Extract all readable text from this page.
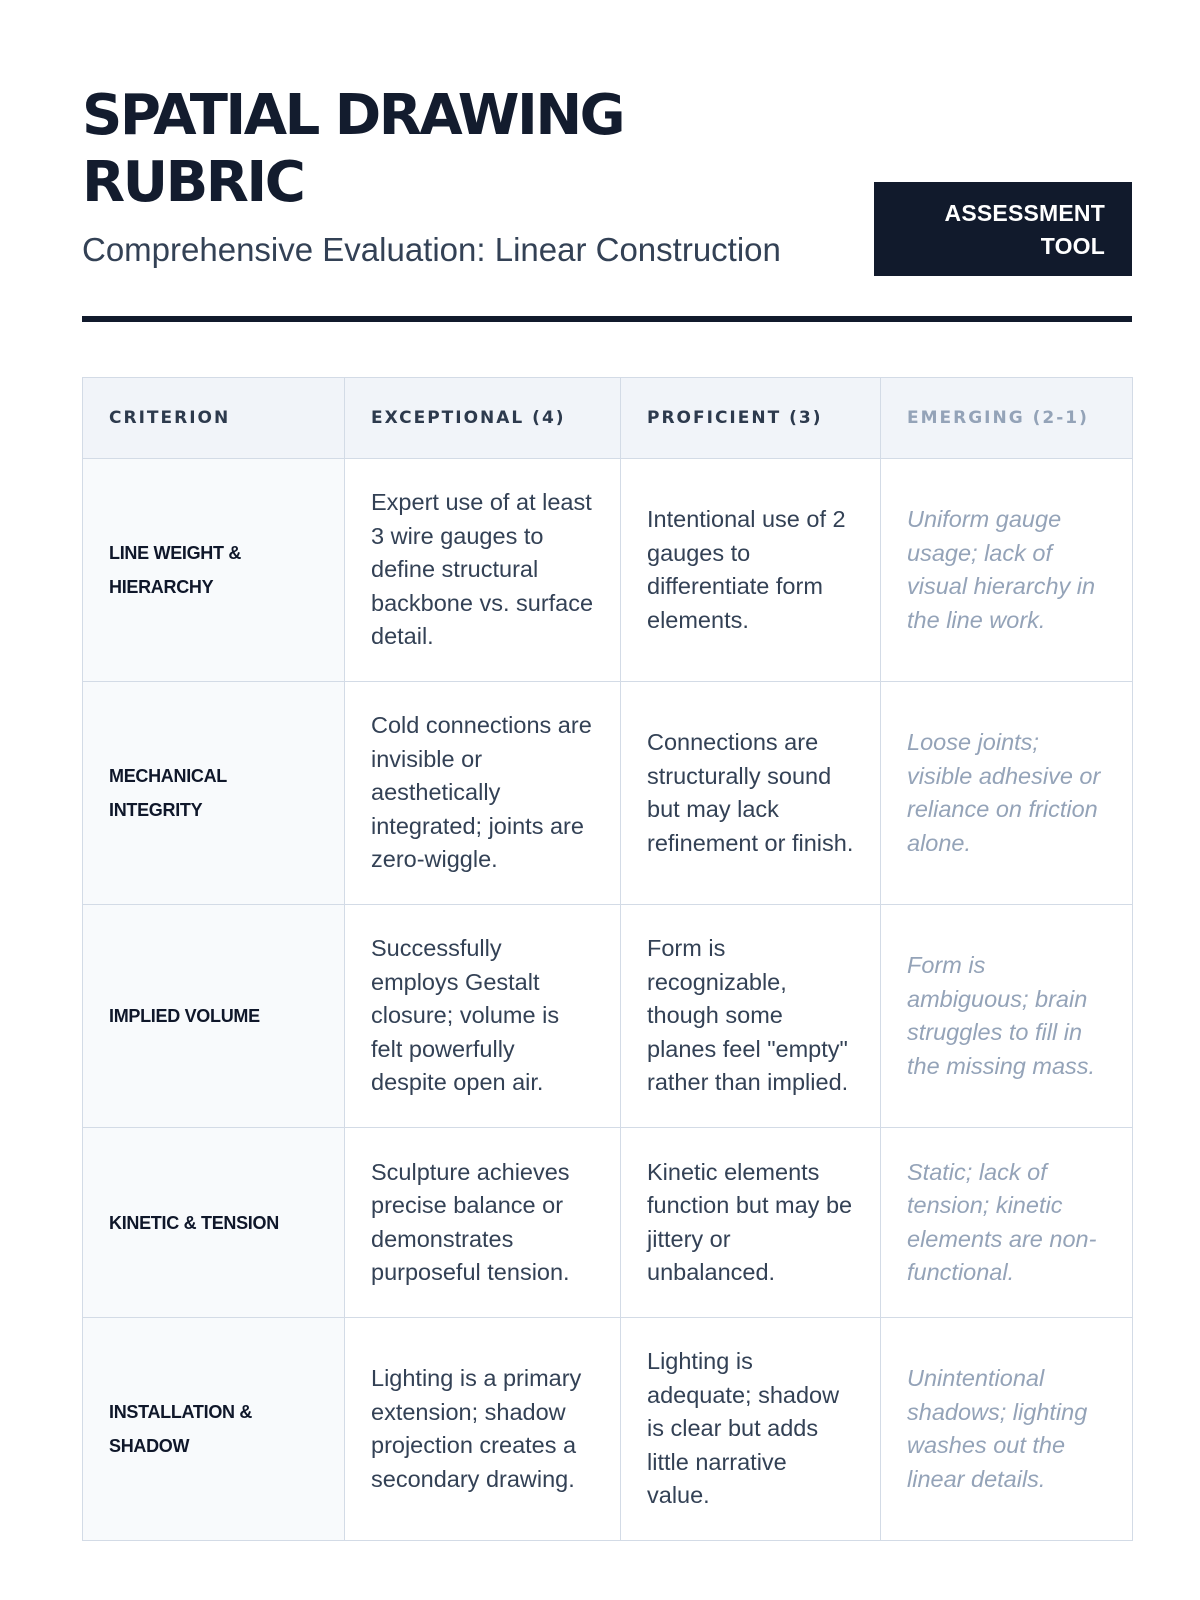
SPATIAL DRAWING RUBRIC

Comprehensive Evaluation: Linear Construction

ASSESSMENT TOOL
CRITERION	EXCEPTIONAL (4)	PROFICIENT (3)	EMERGING (2-1)
LINE WEIGHT & HIERARCHY	Expert use of at least 3 wire gauges to define structural backbone vs. surface detail.	Intentional use of 2 gauges to differentiate form elements.	Uniform gauge usage; lack of visual hierarchy in the line work.
MECHANICAL INTEGRITY	Cold connections are invisible or aesthetically integrated; joints are zero-wiggle.	Connections are structurally sound but may lack refinement or finish.	Loose joints; visible adhesive or reliance on friction alone.
IMPLIED VOLUME	Successfully employs Gestalt closure; volume is felt powerfully despite open air.	Form is recognizable, though some planes feel "empty" rather than implied.	Form is ambiguous; brain struggles to fill in the missing mass.
KINETIC & TENSION	Sculpture achieves precise balance or demonstrates purposeful tension.	Kinetic elements function but may be jittery or unbalanced.	Static; lack of tension; kinetic elements are non-functional.
INSTALLATION & SHADOW	Lighting is a primary extension; shadow projection creates a secondary drawing.	Lighting is adequate; shadow is clear but adds little narrative value.	Unintentional shadows; lighting washes out the linear details.
